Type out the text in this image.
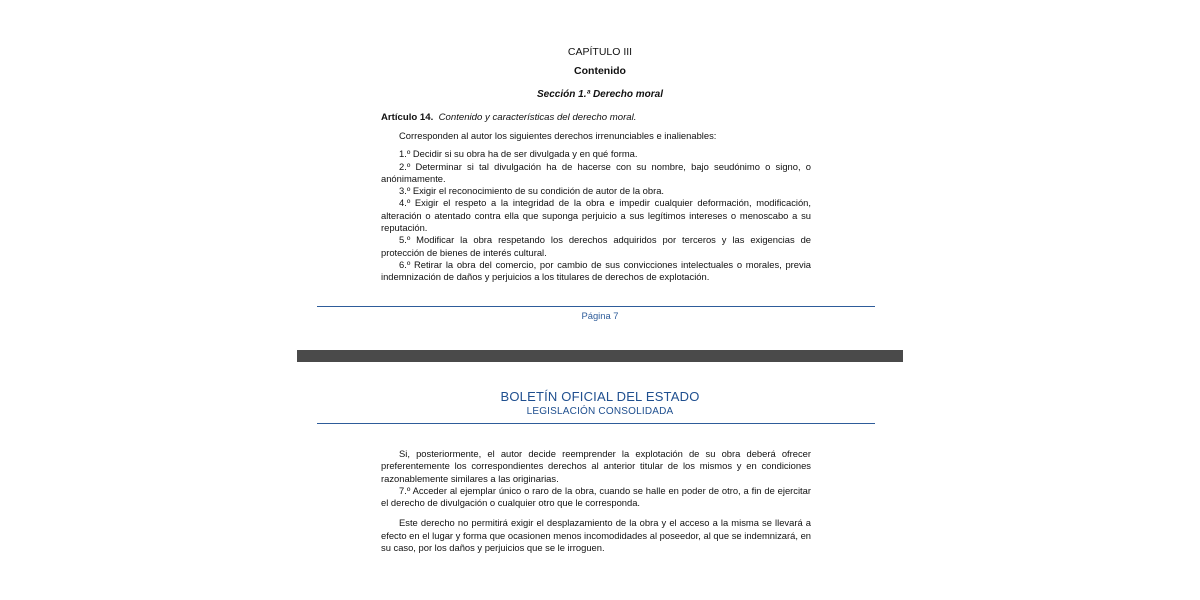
CAPÍTULO III
Contenido
Sección 1.ª Derecho moral
Artículo 14. Contenido y características del derecho moral.

Corresponden al autor los siguientes derechos irrenunciables e inalienables:

1.º Decidir si su obra ha de ser divulgada y en qué forma.

2.º Determinar si tal divulgación ha de hacerse con su nombre, bajo seudónimo o signo, o anónimamente.

3.º Exigir el reconocimiento de su condición de autor de la obra.

4.º Exigir el respeto a la integridad de la obra e impedir cualquier deformación, modificación, alteración o atentado contra ella que suponga perjuicio a sus legítimos intereses o menoscabo a su reputación.

5.º Modificar la obra respetando los derechos adquiridos por terceros y las exigencias de protección de bienes de interés cultural.

6.º Retirar la obra del comercio, por cambio de sus convicciones intelectuales o morales, previa indemnización de daños y perjuicios a los titulares de derechos de explotación.

Página 7
BOLETÍN OFICIAL DEL ESTADO
LEGISLACIÓN CONSOLIDADA

Si, posteriormente, el autor decide reemprender la explotación de su obra deberá ofrecer preferentemente los correspondientes derechos al anterior titular de los mismos y en condiciones razonablemente similares a las originarias.

7.º Acceder al ejemplar único o raro de la obra, cuando se halle en poder de otro, a fin de ejercitar el derecho de divulgación o cualquier otro que le corresponda.

Este derecho no permitirá exigir el desplazamiento de la obra y el acceso a la misma se llevará a efecto en el lugar y forma que ocasionen menos incomodidades al poseedor, al que se indemnizará, en su caso, por los daños y perjuicios que se le irroguen.
